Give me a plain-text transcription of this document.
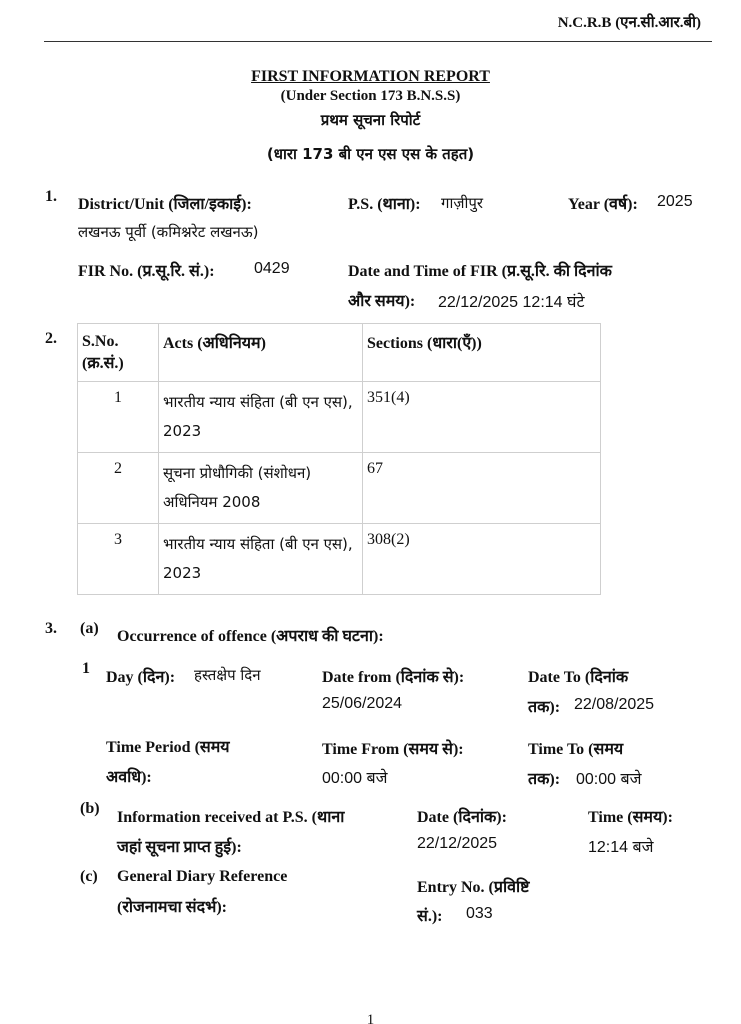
N.C.R.B (एन.सी.आर.बी)
FIRST INFORMATION REPORT
(Under Section 173 B.N.S.S)
प्रथम सूचना रिपोर्ट
(धारा 173 बी एन एस एस के तहत)
1. District/Unit (जिला/इकाई):
लखनऊ पूर्वी (कमिश्नरेट लखनऊ)
P.S. (थाना): गाज़ीपुर	Year (वर्ष): 2025
FIR No. (प्र.सू.रि. सं.): 0429	Date and Time of FIR (प्र.सू.रि. की दिनांक
और समय): 22/12/2025 12:14 घंटे
2. S.No.
(क्र.सं.)	Acts (अधिनियम)	Sections (धारा(एँ))
1	भारतीय न्याय संहिता (बी एन एस), 2023	351(4)
2	सूचना प्रोधौगिकी (संशोधन) अधिनियम 2008	67
3	भारतीय न्याय संहिता (बी एन एस), 2023	308(2)
3. (a) Occurrence of offence (अपराध की घटना):
1
Day (दिन): हस्तक्षेप दिन	Date from (दिनांक से):
25/06/2024
Date To (दिनांक
तक): 22/08/2025
Time Period (समय
अवधि):
Time From (समय से):
00:00 बजे
Time To (समय
तक): 00:00 बजे
(b)
Information received at P.S. (थाना
जहां सूचना प्राप्त हुई):
Date (दिनांक):
22/12/2025
Time (समय):
12:14 बजे
(c) General Diary Reference
(रोजनामचा संदर्भ):
Entry No. (प्रविष्टि
सं.): 033
1
